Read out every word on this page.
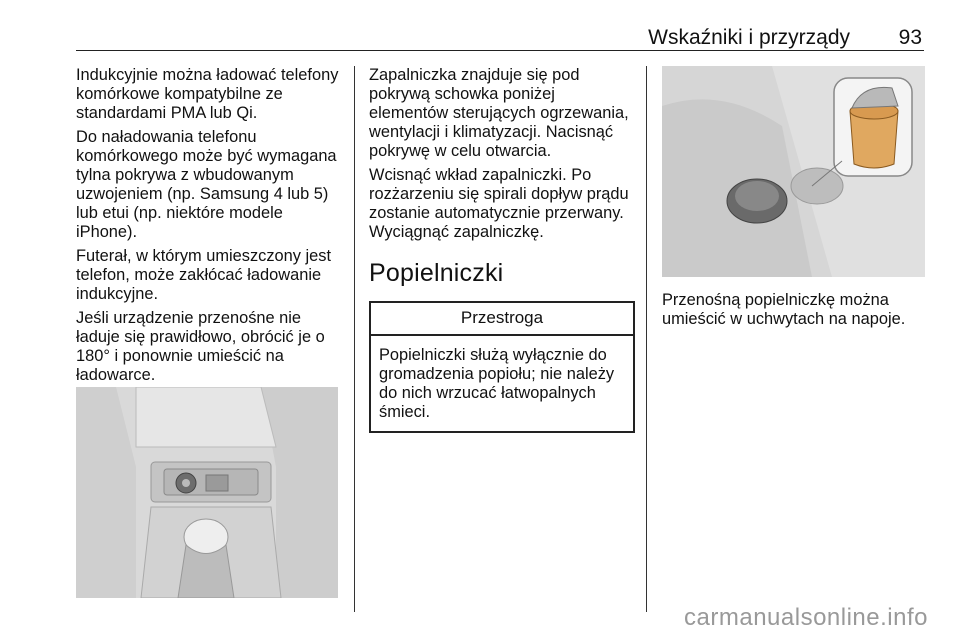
Wskaźniki i przyrządy 93

Indukcyjnie można ładować telefony komórkowe kompatybilne ze standardami PMA lub Qi.

Do naładowania telefonu komórkowego może być wymagana tylna pokrywa z wbudowanym uzwojeniem (np. Samsung 4 lub 5) lub etui (np. niektóre modele iPhone).

Futerał, w którym umieszczony jest telefon, może zakłócać ładowanie indukcyjne.

Jeśli urządzenie przenośne nie ładuje się prawidłowo, obrócić je o 180° i ponownie umieścić na ładowarce.

Zapalniczka znajduje się pod pokrywą schowka poniżej elementów sterujących ogrzewania, wentylacji i klimatyzacji. Nacisnąć pokrywę w celu otwarcia.

Wcisnąć wkład zapalniczki. Po rozżarzeniu się spirali dopływ prądu zostanie automatycznie przerwany. Wyciągnąć zapalniczkę.

Popielniczki
Przestroga
Popielniczki służą wyłącznie do gromadzenia popiołu; nie należy do nich wrzucać łatwopalnych śmieci.
Przenośną popielniczkę można umieścić w uchwytach na napoje.
carmanualsonline.info
